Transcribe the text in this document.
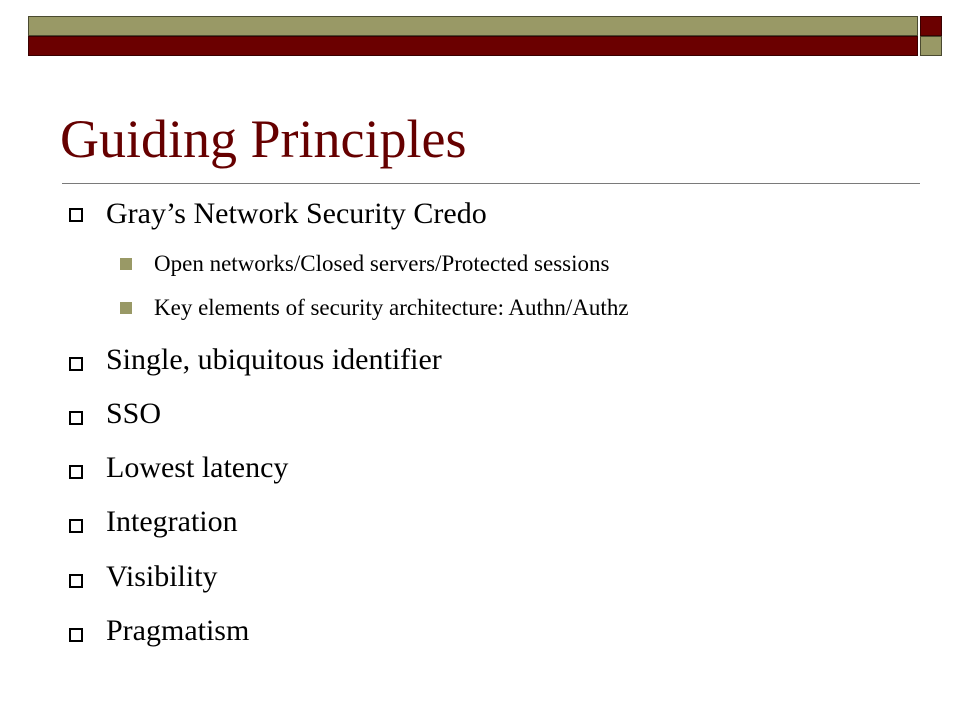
Guiding Principles
Gray’s Network Security Credo
Open networks/Closed servers/Protected sessions
Key elements of security architecture: Authn/Authz
Single, ubiquitous identifier
SSO
Lowest latency
Integration
Visibility
Pragmatism
